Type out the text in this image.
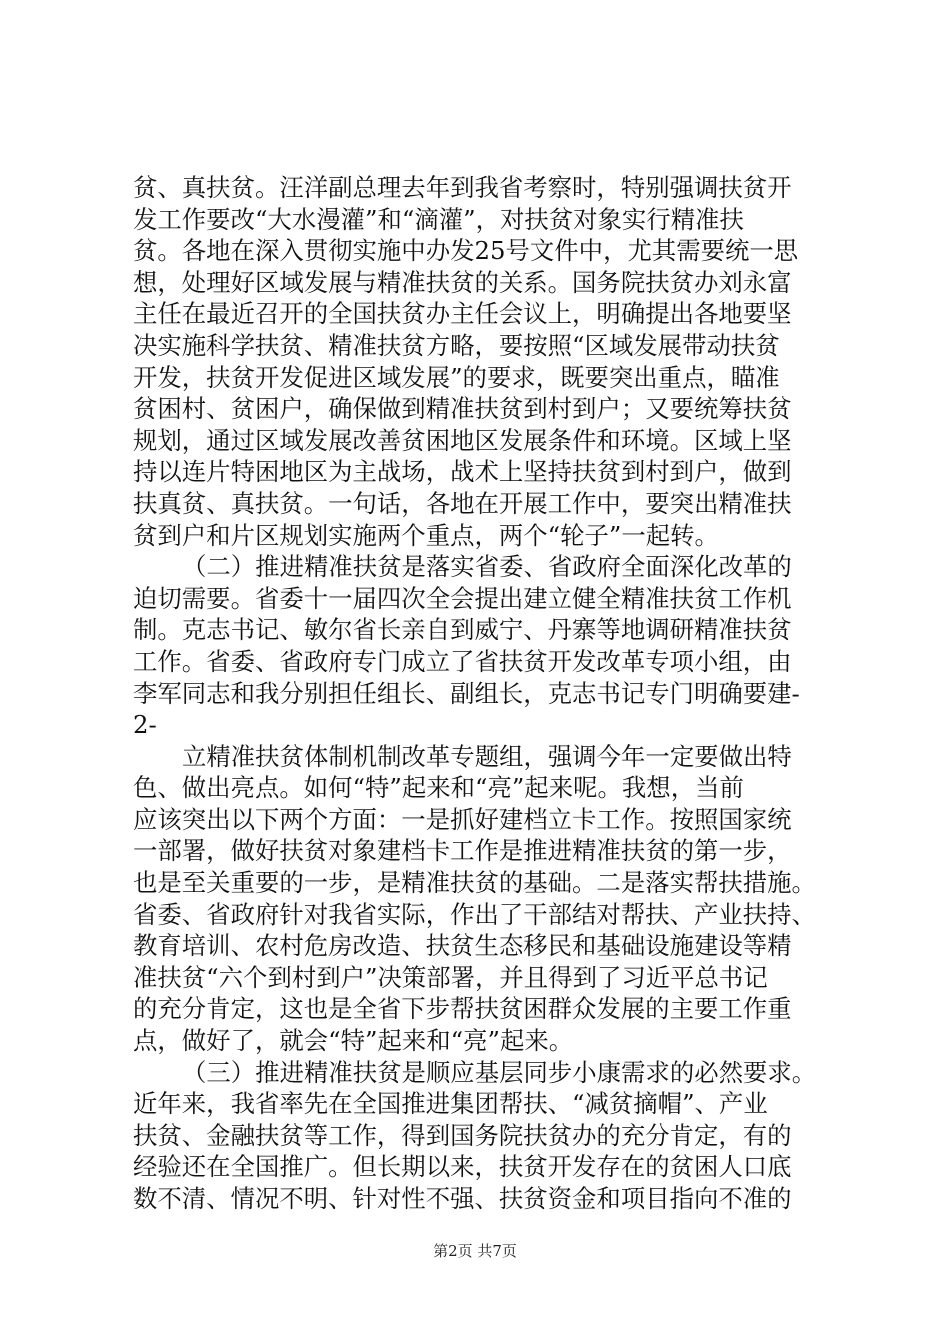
贫、真扶贫。汪洋副总理去年到我省考察时，特别强调扶贫开
发工作要改“大水漫灌”和“滴灌”，对扶贫对象实行精准扶
贫。各地在深入贯彻实施中办发25号文件中，尤其需要统一思
想，处理好区域发展与精准扶贫的关系。国务院扶贫办刘永富
主任在最近召开的全国扶贫办主任会议上，明确提出各地要坚
决实施科学扶贫、精准扶贫方略，要按照“区域发展带动扶贫
开发，扶贫开发促进区域发展”的要求，既要突出重点，瞄准
贫困村、贫困户，确保做到精准扶贫到村到户；又要统筹扶贫
规划，通过区域发展改善贫困地区发展条件和环境。区域上坚
持以连片特困地区为主战场，战术上坚持扶贫到村到户，做到
扶真贫、真扶贫。一句话，各地在开展工作中，要突出精准扶
贫到户和片区规划实施两个重点，两个“轮子”一起转。
（二）推进精准扶贫是落实省委、省政府全面深化改革的
迫切需要。省委十一届四次全会提出建立健全精准扶贫工作机
制。克志书记、敏尔省长亲自到威宁、丹寨等地调研精准扶贫
工作。省委、省政府专门成立了省扶贫开发改革专项小组，由
李军同志和我分别担任组长、副组长，克志书记专门明确要建-
2-
立精准扶贫体制机制改革专题组，强调今年一定要做出特
色、做出亮点。如何“特”起来和“亮”起来呢。我想，当前
应该突出以下两个方面：一是抓好建档立卡工作。按照国家统
一部署，做好扶贫对象建档卡工作是推进精准扶贫的第一步，
也是至关重要的一步，是精准扶贫的基础。二是落实帮扶措施。
省委、省政府针对我省实际，作出了干部结对帮扶、产业扶持、
教育培训、农村危房改造、扶贫生态移民和基础设施建设等精
准扶贫“六个到村到户”决策部署，并且得到了习近平总书记
的充分肯定，这也是全省下步帮扶贫困群众发展的主要工作重
点，做好了，就会“特”起来和“亮”起来。
（三）推进精准扶贫是顺应基层同步小康需求的必然要求。
近年来，我省率先在全国推进集团帮扶、“减贫摘帽”、产业
扶贫、金融扶贫等工作，得到国务院扶贫办的充分肯定，有的
经验还在全国推广。但长期以来，扶贫开发存在的贫困人口底
数不清、情况不明、针对性不强、扶贫资金和项目指向不准的
第2页 共7页
